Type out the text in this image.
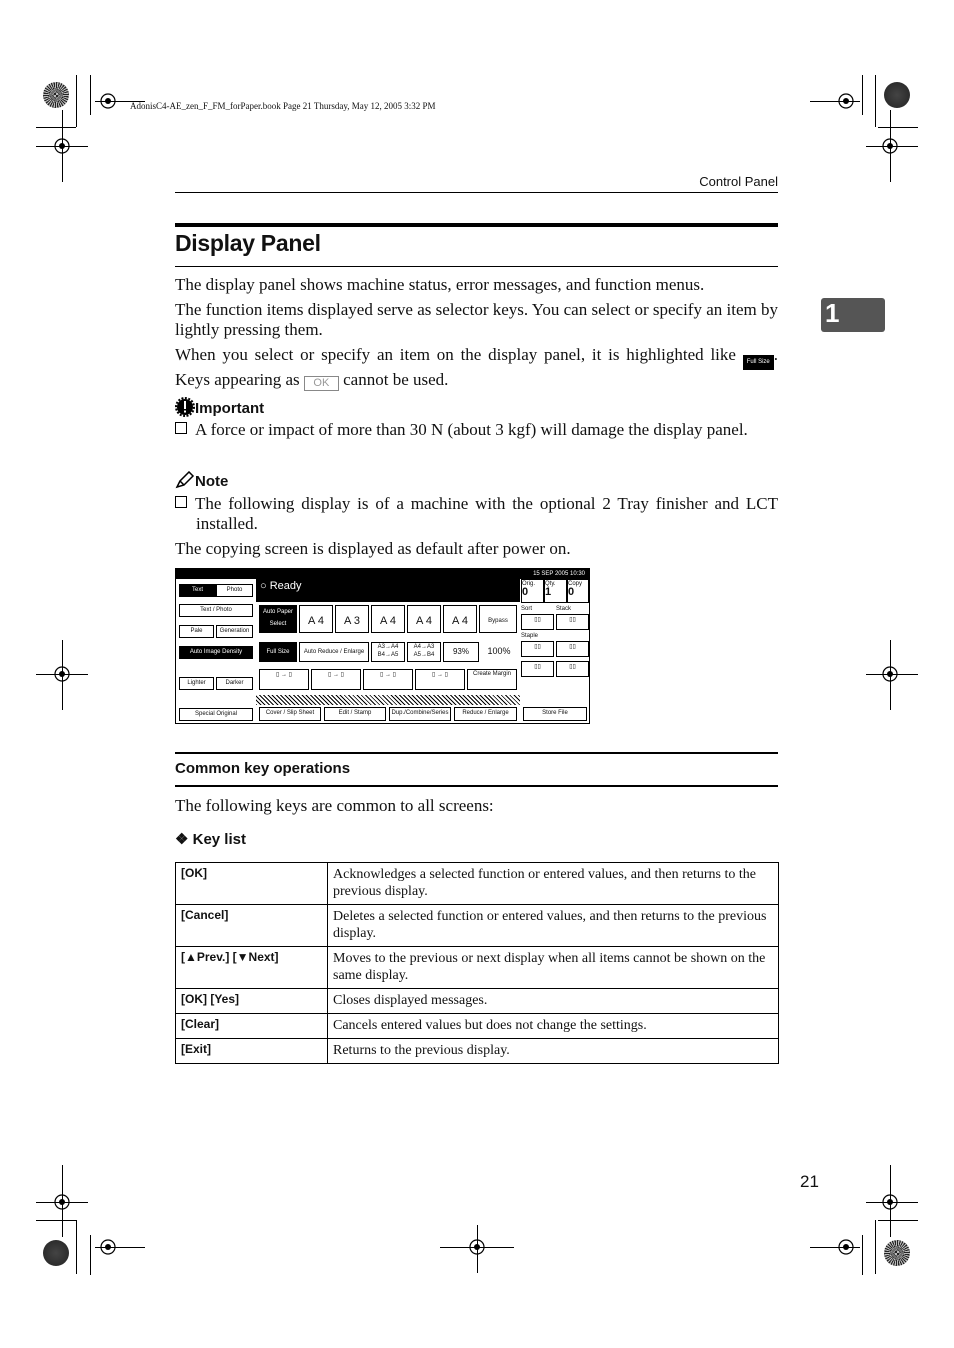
AdonisC4-AE_zen_F_FM_forPaper.book Page 21 Thursday, May 12, 2005 3:32 PM
Control Panel
1
Display Panel
The display panel shows machine status, error messages, and function menus.
The function items displayed serve as selector keys. You can select or specify an item by lightly pressing them.
When you select or specify an item on the display panel, it is highlighted like Full Size . Keys appearing as OK cannot be used.
Important
A force or impact of more than 30 N (about 3 kgf) will damage the display panel.
Note
The following display is of a machine with the optional 2 Tray finisher and LCT installed.
The copying screen is displayed as default after power on.
15 SEP 2005 10:30
○ Ready
Text	Photo
Text / Photo
Pale	Generation
Auto Image Density
Lighter	Darker
Special Original
Auto Paper Select	A 4	A 3	A 4	A 4	A 4	Bypass
Full Size	Auto Reduce / Enlarge
A3→A4 B4→A5
A4→A3 A5→B4	93%	100%
▯ → ▯	▯ → ▯	▯ → ▯	▯ → ▯	Create Margin
Cover / Slip Sheet	Edit / Stamp	Dup./Combine/Series	Reduce / Enlarge	Store File
Orig.
0
Qty.
1
Copy
0
Sort	Stack
▯▯	▯▯
Staple
▯▯	▯▯
▯▯	▯▯
Common key operations
The following keys are common to all screens:
❖ Key list
[OK]	Acknowledges a selected function or entered values, and then returns to the previous display.
[Cancel]	Deletes a selected function or entered values, and then returns to the previous display.
[▲Prev.] [▼Next]	Moves to the previous or next display when all items cannot be shown on the same display.
[OK] [Yes]	Closes displayed messages.
[Clear]	Cancels entered values but does not change the settings.
[Exit]	Returns to the previous display.
21
